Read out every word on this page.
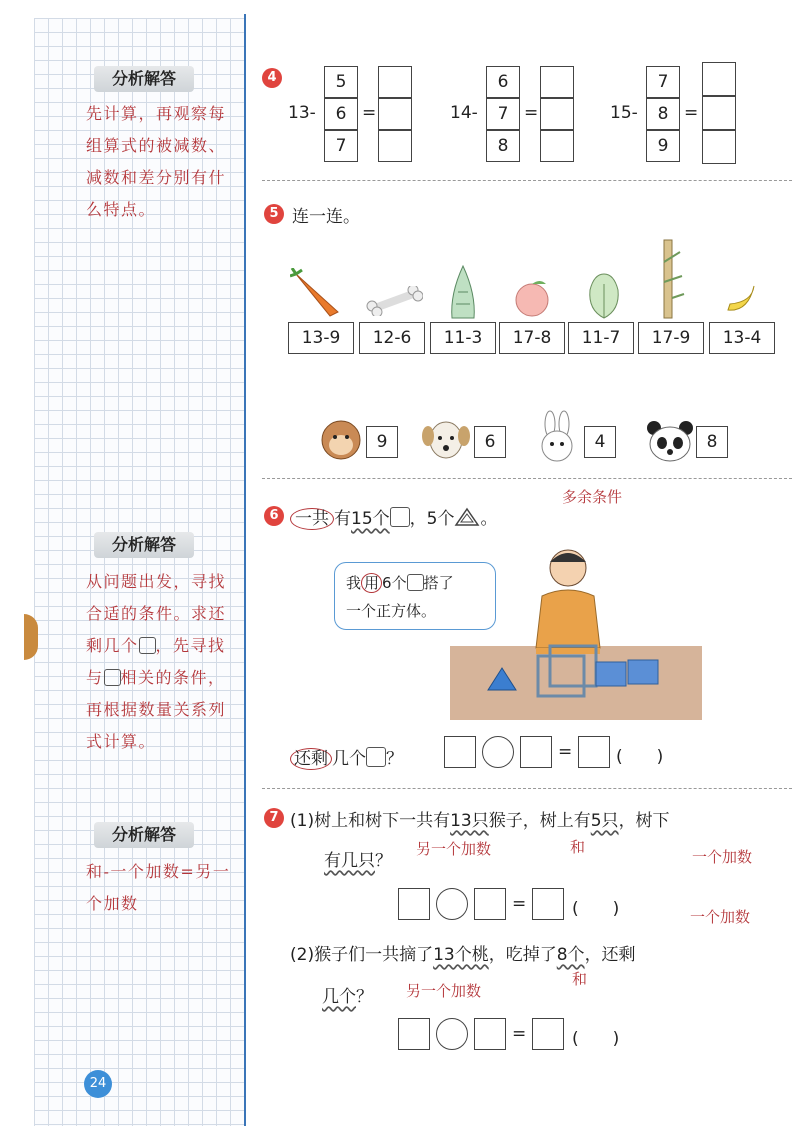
分析解答
先计算，再观察每组算式的被减数、减数和差分别有什么特点。
分析解答
从问题出发，寻找合适的条件。求还剩几个 ，先寻找与 相关的条件，再根据数量关系列式计算。
分析解答
和-一个加数=另一个加数
24
4
13-
5
6
7
=	14-
6
7
8
=	15-
7
8
9
=
5 连一连。
13-9	12-6	11-3	17-8	11-7	17-9	13-4
9	6	4	8
6 一共 有15个 ，5个 。
多余条件
我 用 6个 搭了
一个正方体。
还剩 几个 ？	=	(　　)
7 (1)树上和树下一共有13只猴子，树上有5只，树下
有几只？
另一个加数	和
一个加数
=	(　　)	一个加数
(2)猴子们一共摘了13个桃，吃掉了8个，还剩
和
几个？ 另一个加数
=	(　　)
